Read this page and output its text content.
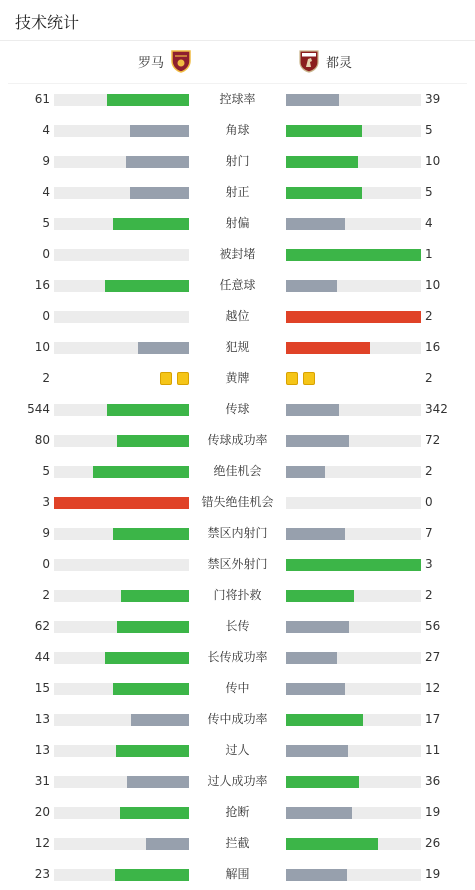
技术统计
罗马	都灵
61	控球率	39
4	角球	5
9	射门	10
4	射正	5
5	射偏	4
0	被封堵	1
16	任意球	10
0	越位	2
10	犯规	16
2	黄牌	2
544	传球	342
80	传球成功率	72
5	绝佳机会	2
3	错失绝佳机会	0
9	禁区内射门	7
0	禁区外射门	3
2	门将扑救	2
62	长传	56
44	长传成功率	27
15	传中	12
13	传中成功率	17
13	过人	11
31	过人成功率	36
20	抢断	19
12	拦截	26
23	解围	19
